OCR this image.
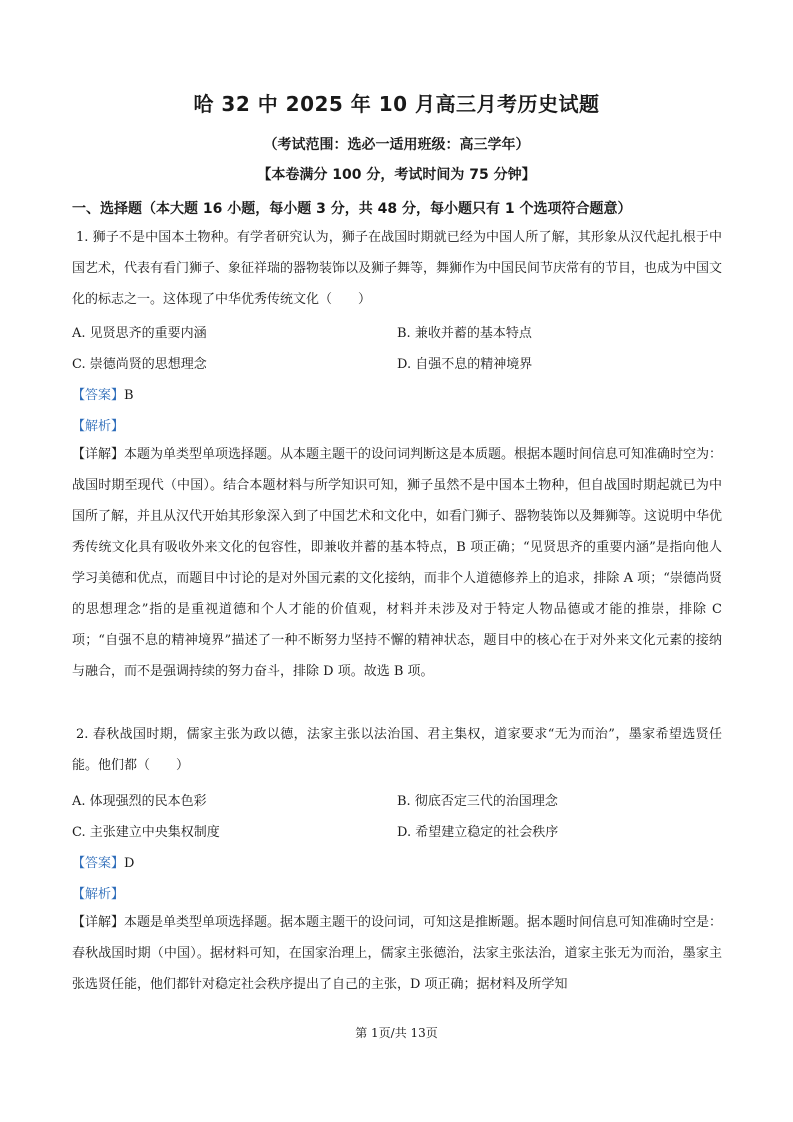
哈 32 中 2025 年 10 月高三月考历史试题
（考试范围：选必一适用班级：高三学年）
【本卷满分 100 分，考试时间为 75 分钟】
一、选择题（本大题 16 小题，每小题 3 分，共 48 分，每小题只有 1 个选项符合题意）

1. 狮子不是中国本土物种。有学者研究认为，狮子在战国时期就已经为中国人所了解，其形象从汉代起扎根于中国艺术，代表有看门狮子、象征祥瑞的器物装饰以及狮子舞等，舞狮作为中国民间节庆常有的节目，也成为中国文化的标志之一。这体现了中华优秀传统文化（　　）

A. 见贤思齐的重要内涵	B. 兼收并蓄的基本特点
C. 崇德尚贤的思想理念	D. 自强不息的精神境界
【答案】B
【解析】

【详解】本题为单类型单项选择题。从本题主题干的设问词判断这是本质题。根据本题时间信息可知准确时空为：战国时期至现代（中国）。结合本题材料与所学知识可知，狮子虽然不是中国本土物种，但自战国时期起就已为中国所了解，并且从汉代开始其形象深入到了中国艺术和文化中，如看门狮子、器物装饰以及舞狮等。这说明中华优秀传统文化具有吸收外来文化的包容性，即兼收并蓄的基本特点，B 项正确；“见贤思齐的重要内涵”是指向他人学习美德和优点，而题目中讨论的是对外国元素的文化接纳，而非个人道德修养上的追求，排除 A 项；“崇德尚贤的思想理念”指的是重视道德和个人才能的价值观，材料并未涉及对于特定人物品德或才能的推崇，排除 C 项；“自强不息的精神境界”描述了一种不断努力坚持不懈的精神状态，题目中的核心在于对外来文化元素的接纳与融合，而不是强调持续的努力奋斗，排除 D 项。故选 B 项。

2. 春秋战国时期，儒家主张为政以德，法家主张以法治国、君主集权，道家要求“无为而治”，墨家希望选贤任能。他们都（　　）

A. 体现强烈的民本色彩	B. 彻底否定三代的治国理念
C. 主张建立中央集权制度	D. 希望建立稳定的社会秩序
【答案】D
【解析】

【详解】本题是单类型单项选择题。据本题主题干的设问词，可知这是推断题。据本题时间信息可知准确时空是：春秋战国时期（中国）。据材料可知，在国家治理上，儒家主张德治，法家主张法治，道家主张无为而治，墨家主张选贤任能，他们都针对稳定社会秩序提出了自己的主张，D 项正确；据材料及所学知

第 1页/共 13页
